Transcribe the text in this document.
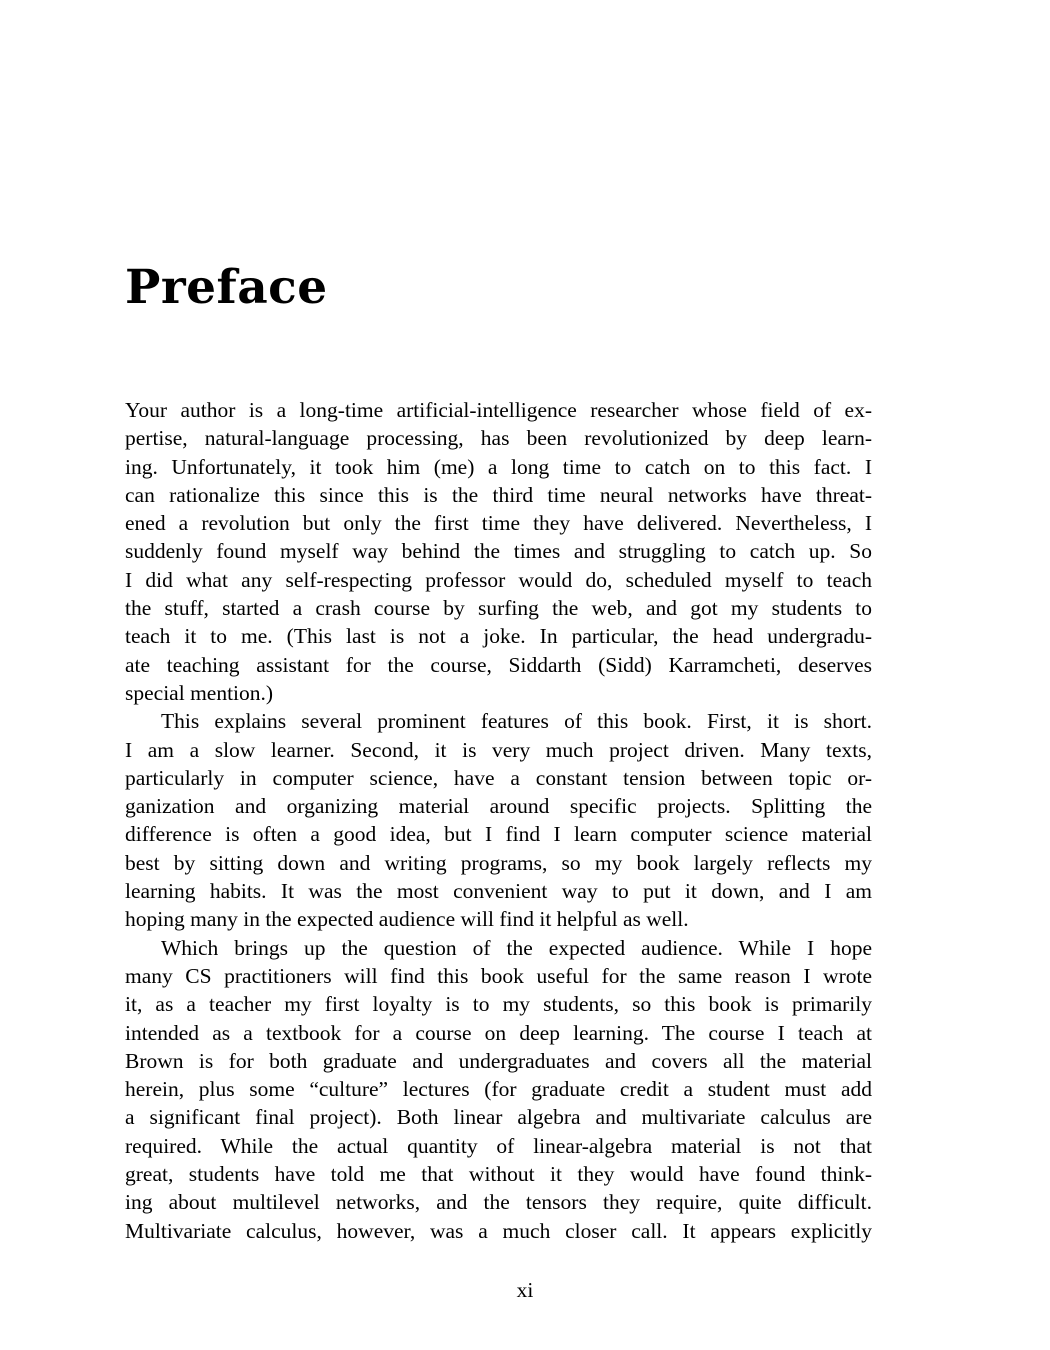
Preface
Your author is a long-time artificial-intelligence researcher whose field of ex-
pertise, natural-language processing, has been revolutionized by deep learn-
ing. Unfortunately, it took him (me) a long time to catch on to this fact. I
can rationalize this since this is the third time neural networks have threat-
ened a revolution but only the first time they have delivered. Nevertheless, I
suddenly found myself way behind the times and struggling to catch up. So
I did what any self-respecting professor would do, scheduled myself to teach
the stuff, started a crash course by surfing the web, and got my students to
teach it to me. (This last is not a joke. In particular, the head undergradu-
ate teaching assistant for the course, Siddarth (Sidd) Karramcheti, deserves
special mention.)
This explains several prominent features of this book. First, it is short.
I am a slow learner. Second, it is very much project driven. Many texts,
particularly in computer science, have a constant tension between topic or-
ganization and organizing material around specific projects. Splitting the
difference is often a good idea, but I find I learn computer science material
best by sitting down and writing programs, so my book largely reflects my
learning habits. It was the most convenient way to put it down, and I am
hoping many in the expected audience will find it helpful as well.
Which brings up the question of the expected audience. While I hope
many CS practitioners will find this book useful for the same reason I wrote
it, as a teacher my first loyalty is to my students, so this book is primarily
intended as a textbook for a course on deep learning. The course I teach at
Brown is for both graduate and undergraduates and covers all the material
herein, plus some “culture” lectures (for graduate credit a student must add
a significant final project). Both linear algebra and multivariate calculus are
required. While the actual quantity of linear-algebra material is not that
great, students have told me that without it they would have found think-
ing about multilevel networks, and the tensors they require, quite difficult.
Multivariate calculus, however, was a much closer call. It appears explicitly
xi
